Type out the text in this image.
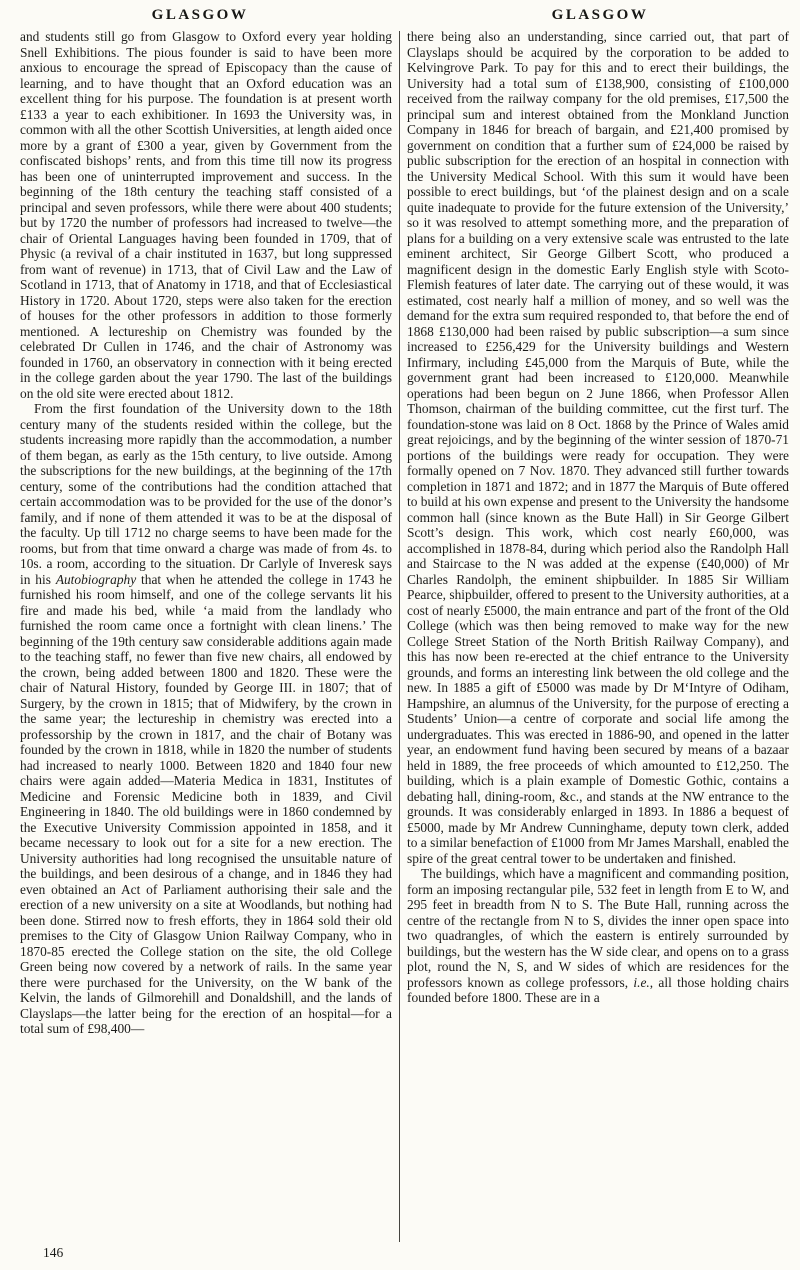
GLASGOW	GLASGOW

and students still go from Glasgow to Oxford every year holding Snell Exhibitions. The pious founder is said to have been more anxious to encourage the spread of Episcopacy than the cause of learning, and to have thought that an Oxford education was an excellent thing for his purpose. The foundation is at present worth £133 a year to each exhibitioner. In 1693 the University was, in common with all the other Scottish Universities, at length aided once more by a grant of £300 a year, given by Government from the confiscated bishops’ rents, and from this time till now its progress has been one of uninterrupted improvement and success. In the beginning of the 18th century the teaching staff consisted of a principal and seven professors, while there were about 400 students; but by 1720 the number of professors had increased to twelve—the chair of Oriental Languages having been founded in 1709, that of Physic (a revival of a chair instituted in 1637, but long suppressed from want of revenue) in 1713, that of Civil Law and the Law of Scotland in 1713, that of Anatomy in 1718, and that of Ecclesiastical History in 1720. About 1720, steps were also taken for the erection of houses for the other professors in addition to those formerly mentioned. A lectureship on Chemistry was founded by the celebrated Dr Cullen in 1746, and the chair of Astronomy was founded in 1760, an observatory in connection with it being erected in the college garden about the year 1790. The last of the buildings on the old site were erected about 1812.

From the first foundation of the University down to the 18th century many of the students resided within the college, but the students increasing more rapidly than the accommodation, a number of them began, as early as the 15th century, to live outside. Among the subscriptions for the new buildings, at the beginning of the 17th century, some of the contributions had the condition attached that certain accommodation was to be provided for the use of the donor’s family, and if none of them attended it was to be at the disposal of the faculty. Up till 1712 no charge seems to have been made for the rooms, but from that time onward a charge was made of from 4s. to 10s. a room, according to the situation. Dr Carlyle of Inveresk says in his Autobiography that when he attended the college in 1743 he furnished his room himself, and one of the college servants lit his fire and made his bed, while ‘a maid from the landlady who furnished the room came once a fortnight with clean linens.’ The beginning of the 19th century saw considerable additions again made to the teaching staff, no fewer than five new chairs, all endowed by the crown, being added between 1800 and 1820. These were the chair of Natural History, founded by George III. in 1807; that of Surgery, by the crown in 1815; that of Midwifery, by the crown in the same year; the lectureship in chemistry was erected into a professorship by the crown in 1817, and the chair of Botany was founded by the crown in 1818, while in 1820 the number of students had increased to nearly 1000. Between 1820 and 1840 four new chairs were again added—Materia Medica in 1831, Institutes of Medicine and Forensic Medicine both in 1839, and Civil Engineering in 1840. The old buildings were in 1860 condemned by the Executive University Commission appointed in 1858, and it became necessary to look out for a site for a new erection. The University authorities had long recognised the unsuitable nature of the buildings, and been desirous of a change, and in 1846 they had even obtained an Act of Parliament authorising their sale and the erection of a new university on a site at Woodlands, but nothing had been done. Stirred now to fresh efforts, they in 1864 sold their old premises to the City of Glasgow Union Railway Company, who in 1870-85 erected the College station on the site, the old College Green being now covered by a network of rails. In the same year there were purchased for the University, on the W bank of the Kelvin, the lands of Gilmorehill and Donaldshill, and the lands of Clayslaps—the latter being for the erection of an hospital—for a total sum of £98,400—

there being also an understanding, since carried out, that part of Clayslaps should be acquired by the corporation to be added to Kelvingrove Park. To pay for this and to erect their buildings, the University had a total sum of £138,900, consisting of £100,000 received from the railway company for the old premises, £17,500 the principal sum and interest obtained from the Monkland Junction Company in 1846 for breach of bargain, and £21,400 promised by government on condition that a further sum of £24,000 be raised by public subscription for the erection of an hospital in connection with the University Medical School. With this sum it would have been possible to erect buildings, but ‘of the plainest design and on a scale quite inadequate to provide for the future extension of the University,’ so it was resolved to attempt something more, and the preparation of plans for a building on a very extensive scale was entrusted to the late eminent architect, Sir George Gilbert Scott, who produced a magnificent design in the domestic Early English style with Scoto-Flemish features of later date. The carrying out of these would, it was estimated, cost nearly half a million of money, and so well was the demand for the extra sum required responded to, that before the end of 1868 £130,000 had been raised by public subscription—a sum since increased to £256,429 for the University buildings and Western Infirmary, including £45,000 from the Marquis of Bute, while the government grant had been increased to £120,000. Meanwhile operations had been begun on 2 June 1866, when Professor Allen Thomson, chairman of the building committee, cut the first turf. The foundation-stone was laid on 8 Oct. 1868 by the Prince of Wales amid great rejoicings, and by the beginning of the winter session of 1870-71 portions of the buildings were ready for occupation. They were formally opened on 7 Nov. 1870. They advanced still further towards completion in 1871 and 1872; and in 1877 the Marquis of Bute offered to build at his own expense and present to the University the handsome common hall (since known as the Bute Hall) in Sir George Gilbert Scott’s design. This work, which cost nearly £60,000, was accomplished in 1878-84, during which period also the Randolph Hall and Staircase to the N was added at the expense (£40,000) of Mr Charles Randolph, the eminent shipbuilder. In 1885 Sir William Pearce, shipbuilder, offered to present to the University authorities, at a cost of nearly £5000, the main entrance and part of the front of the Old College (which was then being removed to make way for the new College Street Station of the North British Railway Company), and this has now been re-erected at the chief entrance to the University grounds, and forms an interesting link between the old college and the new. In 1885 a gift of £5000 was made by Dr M‘Intyre of Odiham, Hampshire, an alumnus of the University, for the purpose of erecting a Students’ Union—a centre of corporate and social life among the undergraduates. This was erected in 1886-90, and opened in the latter year, an endowment fund having been secured by means of a bazaar held in 1889, the free proceeds of which amounted to £12,250. The building, which is a plain example of Domestic Gothic, contains a debating hall, dining-room, &c., and stands at the NW entrance to the grounds. It was considerably enlarged in 1893. In 1886 a bequest of £5000, made by Mr Andrew Cunninghame, deputy town clerk, added to a similar benefaction of £1000 from Mr James Marshall, enabled the spire of the great central tower to be undertaken and finished.

The buildings, which have a magnificent and commanding position, form an imposing rectangular pile, 532 feet in length from E to W, and 295 feet in breadth from N to S. The Bute Hall, running across the centre of the rectangle from N to S, divides the inner open space into two quadrangles, of which the eastern is entirely surrounded by buildings, but the western has the W side clear, and opens on to a grass plot, round the N, S, and W sides of which are residences for the professors known as college professors, i.e., all those holding chairs founded before 1800. These are in a

146
